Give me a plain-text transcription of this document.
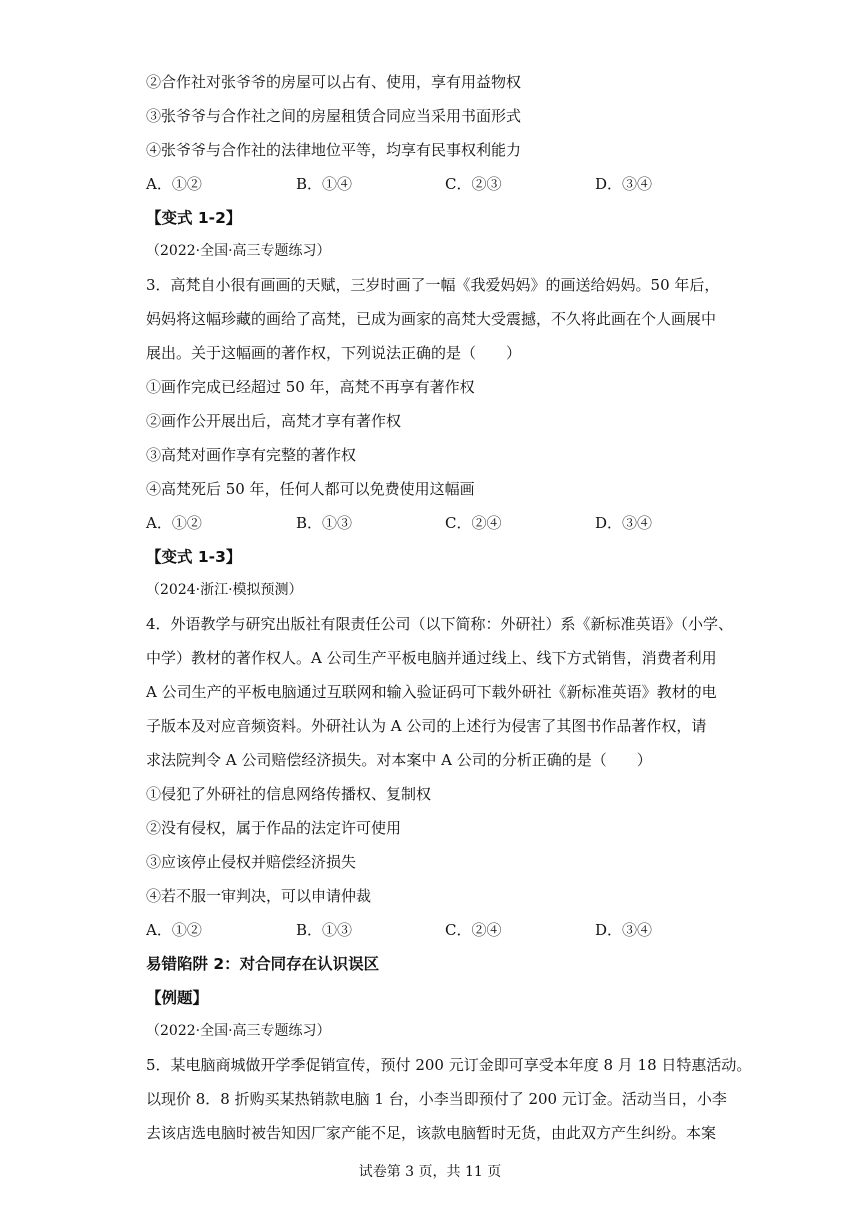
②合作社对张爷爷的房屋可以占有、使用，享有用益物权
③张爷爷与合作社之间的房屋租赁合同应当采用书面形式
④张爷爷与合作社的法律地位平等，均享有民事权利能力
A．①②	B．①④	C．②③	D．③④
【变式 1-2】
（2022·全国·高三专题练习）
3．高梵自小很有画画的天赋，三岁时画了一幅《我爱妈妈》的画送给妈妈。50 年后，
妈妈将这幅珍藏的画给了高梵，已成为画家的高梵大受震撼，不久将此画在个人画展中
展出。关于这幅画的著作权，下列说法正确的是（　　）
①画作完成已经超过 50 年，高梵不再享有著作权
②画作公开展出后，高梵才享有著作权
③高梵对画作享有完整的著作权
④高梵死后 50 年，任何人都可以免费使用这幅画
A．①②	B．①③	C．②④	D．③④
【变式 1-3】
（2024·浙江·模拟预测）
4．外语教学与研究出版社有限责任公司（以下简称：外研社）系《新标准英语》（小学、
中学）教材的著作权人。A 公司生产平板电脑并通过线上、线下方式销售，消费者利用
A 公司生产的平板电脑通过互联网和输入验证码可下载外研社《新标准英语》教材的电
子版本及对应音频资料。外研社认为 A 公司的上述行为侵害了其图书作品著作权，请
求法院判令 A 公司赔偿经济损失。对本案中 A 公司的分析正确的是（　　）
①侵犯了外研社的信息网络传播权、复制权
②没有侵权，属于作品的法定许可使用
③应该停止侵权并赔偿经济损失
④若不服一审判决，可以申请仲裁
A．①②	B．①③	C．②④	D．③④
易错陷阱 2：对合同存在认识误区
【例题】
（2022·全国·高三专题练习）
5．某电脑商城做开学季促销宣传，预付 200 元订金即可享受本年度 8 月 18 日特惠活动。
以现价 8．8 折购买某热销款电脑 1 台，小李当即预付了 200 元订金。活动当日，小李
去该店选电脑时被告知因厂家产能不足，该款电脑暂时无货，由此双方产生纠纷。本案
试卷第 3 页，共 11 页
